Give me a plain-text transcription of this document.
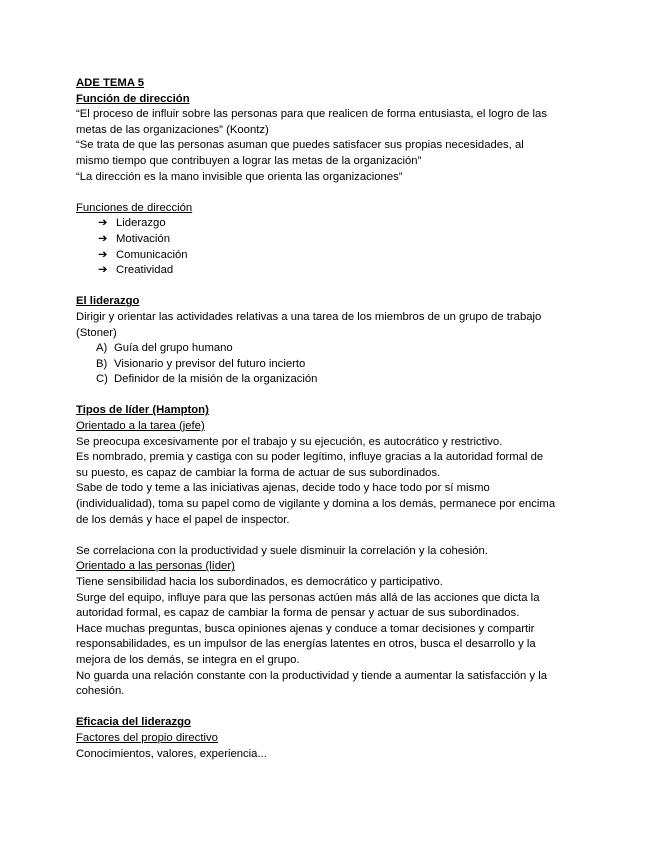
ADE TEMA 5

Función de dirección

“El proceso de influir sobre las personas para que realicen de forma entusiasta, el logro de las

metas de las organizaciones” (Koontz)

“Se trata de que las personas asuman que puedes satisfacer sus propias necesidades, al

mismo tiempo que contribuyen a lograr las metas de la organización”

“La dirección es la mano invisible que orienta las organizaciones”

Funciones de dirección

➔ Liderazgo
➔ Motivación
➔ Comunicación
➔ Creatividad

El liderazgo

Dirigir y orientar las actividades relativas a una tarea de los miembros de un grupo de trabajo

(Stoner)

A) Guía del grupo humano
B) Visionario y previsor del futuro incierto
C) Definidor de la misión de la organización

Tipos de líder (Hampton)

Orientado a la tarea (jefe)

Se preocupa excesivamente por el trabajo y su ejecución, es autocrático y restrictivo.

Es nombrado, premia y castiga con su poder legítimo, influye gracias a la autoridad formal de

su puesto, es capaz de cambiar la forma de actuar de sus subordinados.

Sabe de todo y teme a las iniciativas ajenas, decide todo y hace todo por sí mismo

(individualidad), toma su papel como de vigilante y domina a los demás, permanece por encima

de los demás y hace el papel de inspector.

Se correlaciona con la productividad y suele disminuir la correlación y la cohesión.

Orientado a las personas (líder)

Tiene sensibilidad hacia los subordinados, es democrático y participativo.

Surge del equipo, influye para que las personas actúen más allá de las acciones que dicta la

autoridad formal, es capaz de cambiar la forma de pensar y actuar de sus subordinados.

Hace muchas preguntas, busca opiniones ajenas y conduce a tomar decisiones y compartir

responsabilidades, es un impulsor de las energías latentes en otros, busca el desarrollo y la

mejora de los demás, se integra en el grupo.

No guarda una relación constante con la productividad y tiende a aumentar la satisfacción y la

cohesión.

Eficacia del liderazgo

Factores del propio directivo

Conocimientos, valores, experiencia...
